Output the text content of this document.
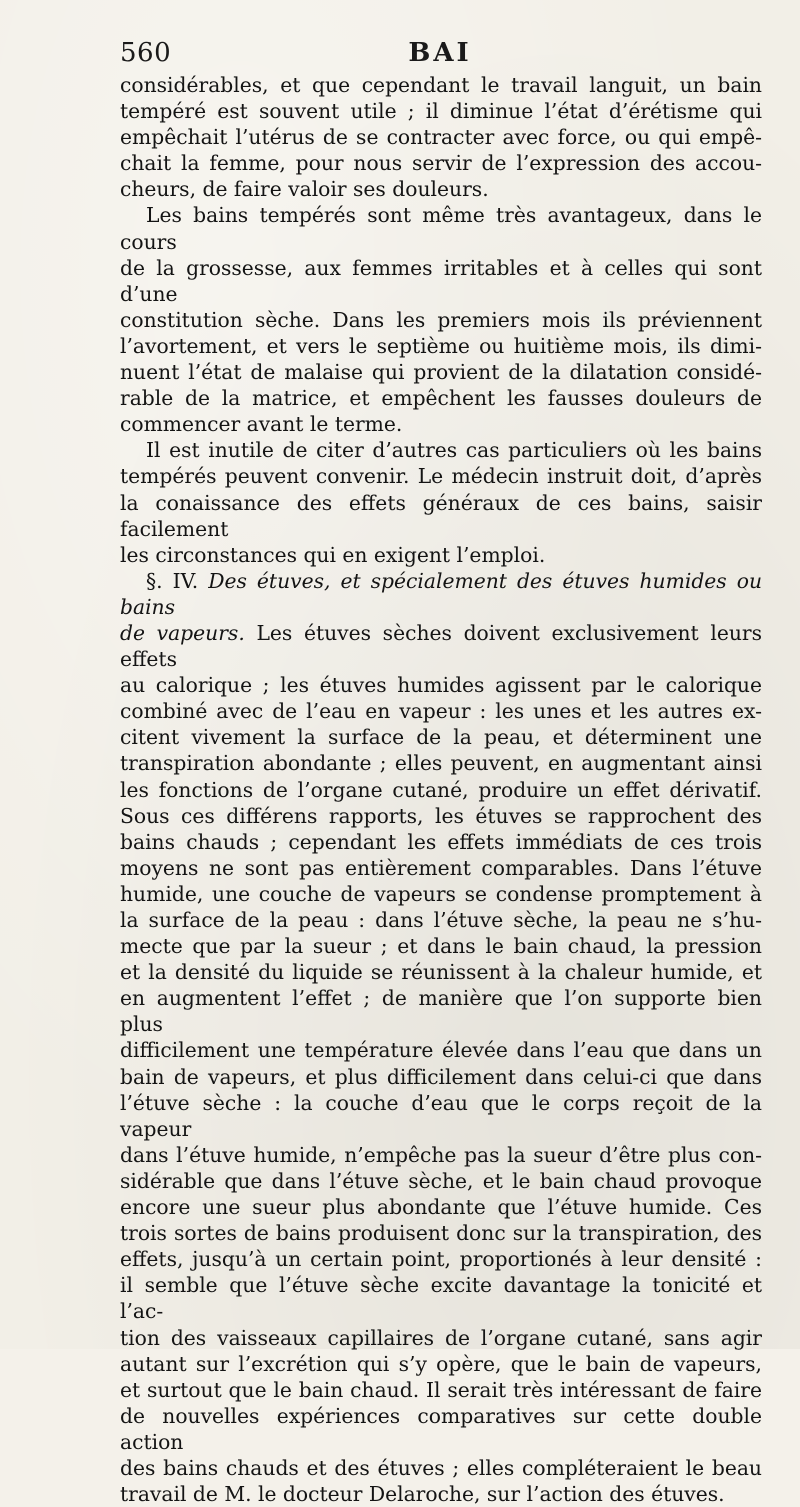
560	BAI

considérables, et que cependant le travail languit, un bain

tempéré est souvent utile ; il diminue l’état d’érétisme qui

empêchait l’utérus de se contracter avec force, ou qui empê-

chait la femme, pour nous servir de l’expression des accou-

cheurs, de faire valoir ses douleurs.

Les bains tempérés sont même très avantageux, dans le cours

de la grossesse, aux femmes irritables et à celles qui sont d’une

constitution sèche. Dans les premiers mois ils préviennent

l’avortement, et vers le septième ou huitième mois, ils dimi-

nuent l’état de malaise qui provient de la dilatation considé-

rable de la matrice, et empêchent les fausses douleurs de

commencer avant le terme.

Il est inutile de citer d’autres cas particuliers où les bains

tempérés peuvent convenir. Le médecin instruit doit, d’après

la conaissance des effets généraux de ces bains, saisir facilement

les circonstances qui en exigent l’emploi.

§. IV. Des étuves, et spécialement des étuves humides ou bains

de vapeurs. Les étuves sèches doivent exclusivement leurs effets

au calorique ; les étuves humides agissent par le calorique

combiné avec de l’eau en vapeur : les unes et les autres ex-

citent vivement la surface de la peau, et déterminent une

transpiration abondante ; elles peuvent, en augmentant ainsi

les fonctions de l’organe cutané, produire un effet dérivatif.

Sous ces différens rapports, les étuves se rapprochent des

bains chauds ; cependant les effets immédiats de ces trois

moyens ne sont pas entièrement comparables. Dans l’étuve

humide, une couche de vapeurs se condense promptement à

la surface de la peau : dans l’étuve sèche, la peau ne s’hu-

mecte que par la sueur ; et dans le bain chaud, la pression

et la densité du liquide se réunissent à la chaleur humide, et

en augmentent l’effet ; de manière que l’on supporte bien plus

difficilement une température élevée dans l’eau que dans un

bain de vapeurs, et plus difficilement dans celui-ci que dans

l’étuve sèche : la couche d’eau que le corps reçoit de la vapeur

dans l’étuve humide, n’empêche pas la sueur d’être plus con-

sidérable que dans l’étuve sèche, et le bain chaud provoque

encore une sueur plus abondante que l’étuve humide. Ces

trois sortes de bains produisent donc sur la transpiration, des

effets, jusqu’à un certain point, proportionés à leur densité :

il semble que l’étuve sèche excite davantage la tonicité et l’ac-

tion des vaisseaux capillaires de l’organe cutané, sans agir

autant sur l’excrétion qui s’y opère, que le bain de vapeurs,

et surtout que le bain chaud. Il serait très intéressant de faire

de nouvelles expériences comparatives sur cette double action

des bains chauds et des étuves ; elles compléteraient le beau

travail de M. le docteur Delaroche, sur l’action des étuves.
